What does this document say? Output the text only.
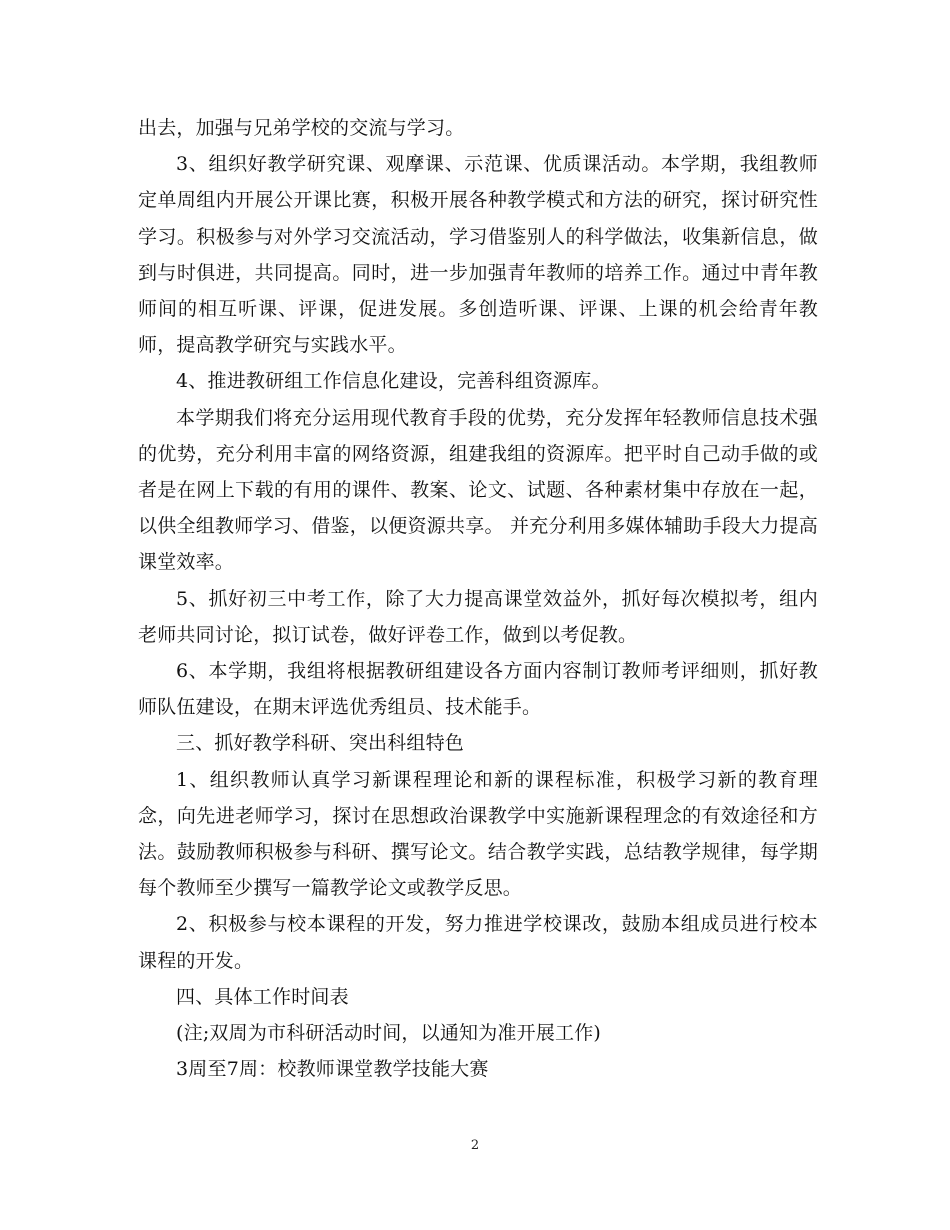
出去，加强与兄弟学校的交流与学习。

3、组织好教学研究课、观摩课、示范课、优质课活动。本学期，我组教师定单周组内开展公开课比赛，积极开展各种教学模式和方法的研究，探讨研究性学习。积极参与对外学习交流活动，学习借鉴别人的科学做法，收集新信息，做到与时俱进，共同提高。同时，进一步加强青年教师的培养工作。通过中青年教师间的相互听课、评课，促进发展。多创造听课、评课、上课的机会给青年教师，提高教学研究与实践水平。

4、推进教研组工作信息化建设，完善科组资源库。

本学期我们将充分运用现代教育手段的优势，充分发挥年轻教师信息技术强的优势，充分利用丰富的网络资源，组建我组的资源库。把平时自己动手做的或者是在网上下载的有用的课件、教案、论文、试题、各种素材集中存放在一起，以供全组教师学习、借鉴，以便资源共享。 并充分利用多媒体辅助手段大力提高课堂效率。

5、抓好初三中考工作，除了大力提高课堂效益外，抓好每次模拟考，组内老师共同讨论，拟订试卷，做好评卷工作，做到以考促教。

6、本学期，我组将根据教研组建设各方面内容制订教师考评细则，抓好教师队伍建设，在期末评选优秀组员、技术能手。

三、抓好教学科研、突出科组特色

1、组织教师认真学习新课程理论和新的课程标准，积极学习新的教育理念，向先进老师学习，探讨在思想政治课教学中实施新课程理念的有效途径和方法。鼓励教师积极参与科研、撰写论文。结合教学实践，总结教学规律，每学期每个教师至少撰写一篇教学论文或教学反思。

2、积极参与校本课程的开发，努力推进学校课改，鼓励本组成员进行校本课程的开发。

四、具体工作时间表

(注;双周为市科研活动时间，以通知为准开展工作)

3周至7周：校教师课堂教学技能大赛

2
